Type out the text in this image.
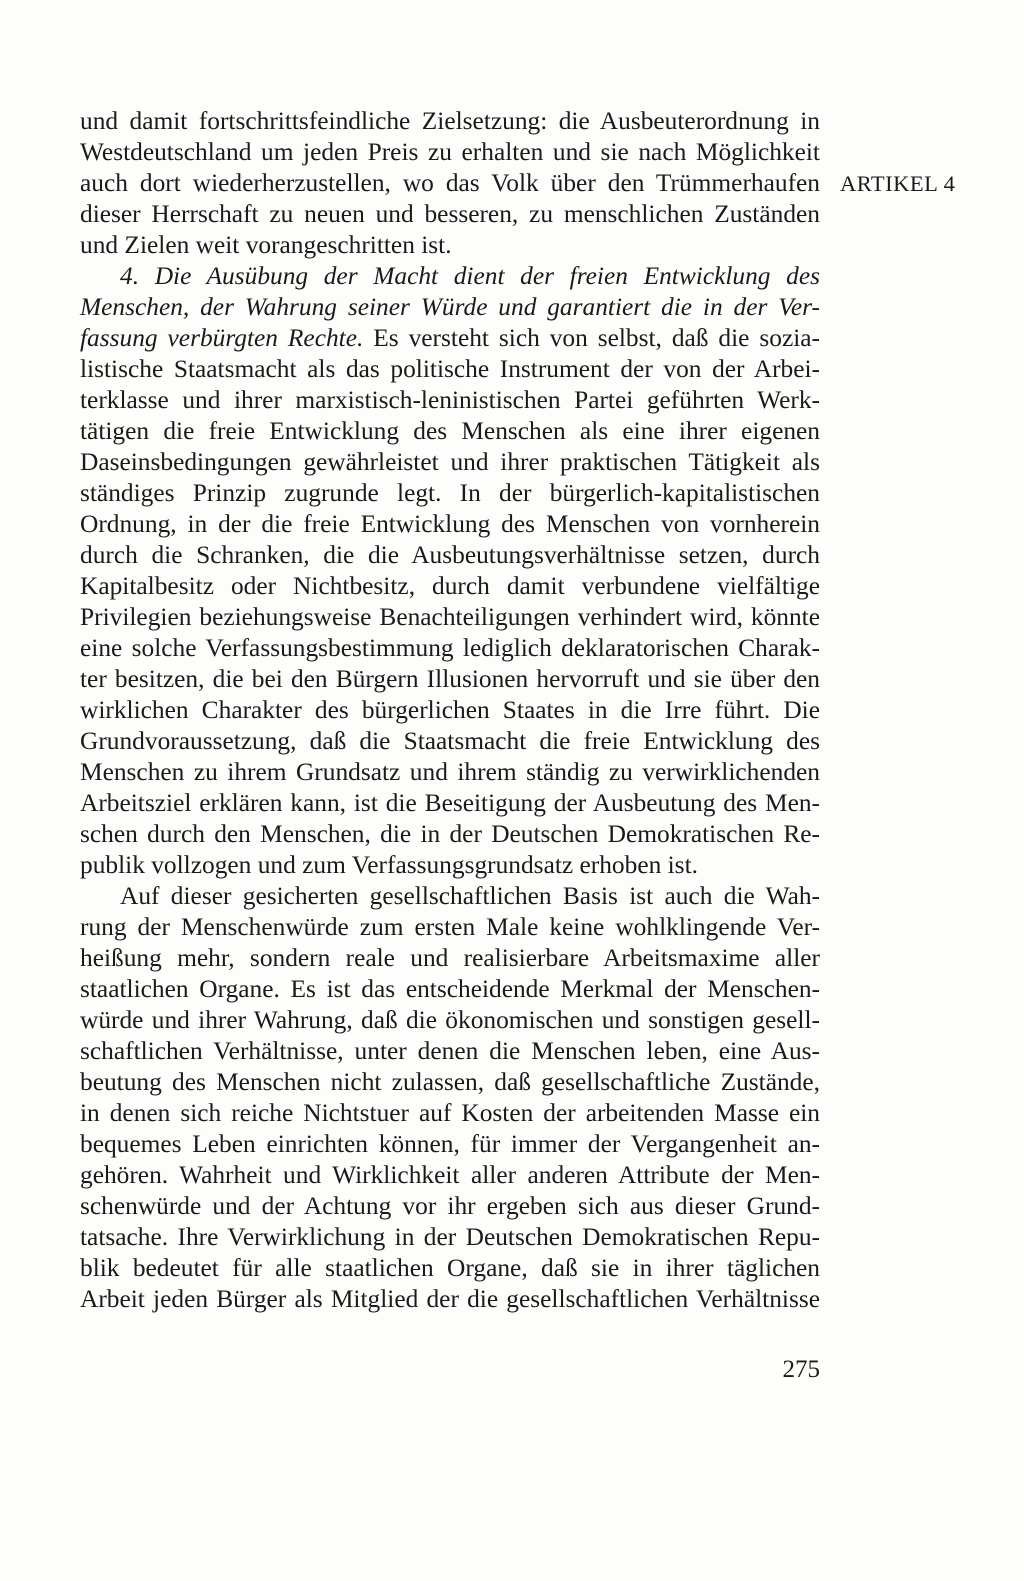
ARTIKEL 4
und damit fortschrittsfeindliche Zielsetzung: die Ausbeuterordnung in
Westdeutschland um jeden Preis zu erhalten und sie nach Möglichkeit
auch dort wiederherzustellen, wo das Volk über den Trümmerhaufen
dieser Herrschaft zu neuen und besseren, zu menschlichen Zuständen
und Zielen weit vorangeschritten ist.
4. Die Ausübung der Macht dient der freien Entwicklung des
Menschen, der Wahrung seiner Würde und garantiert die in der Ver-
fassung verbürgten Rechte. Es versteht sich von selbst, daß die sozia-
listische Staatsmacht als das politische Instrument der von der Arbei-
terklasse und ihrer marxistisch-leninistischen Partei geführten Werk-
tätigen die freie Entwicklung des Menschen als eine ihrer eigenen
Daseinsbedingungen gewährleistet und ihrer praktischen Tätigkeit als
ständiges Prinzip zugrunde legt. In der bürgerlich-kapitalistischen
Ordnung, in der die freie Entwicklung des Menschen von vornherein
durch die Schranken, die die Ausbeutungsverhältnisse setzen, durch
Kapitalbesitz oder Nichtbesitz, durch damit verbundene vielfältige
Privilegien beziehungsweise Benachteiligungen verhindert wird, könnte
eine solche Verfassungsbestimmung lediglich deklaratorischen Charak-
ter besitzen, die bei den Bürgern Illusionen hervorruft und sie über den
wirklichen Charakter des bürgerlichen Staates in die Irre führt. Die
Grundvoraussetzung, daß die Staatsmacht die freie Entwicklung des
Menschen zu ihrem Grundsatz und ihrem ständig zu verwirklichenden
Arbeitsziel erklären kann, ist die Beseitigung der Ausbeutung des Men-
schen durch den Menschen, die in der Deutschen Demokratischen Re-
publik vollzogen und zum Verfassungsgrundsatz erhoben ist.
Auf dieser gesicherten gesellschaftlichen Basis ist auch die Wah-
rung der Menschenwürde zum ersten Male keine wohlklingende Ver-
heißung mehr, sondern reale und realisierbare Arbeitsmaxime aller
staatlichen Organe. Es ist das entscheidende Merkmal der Menschen-
würde und ihrer Wahrung, daß die ökonomischen und sonstigen gesell-
schaftlichen Verhältnisse, unter denen die Menschen leben, eine Aus-
beutung des Menschen nicht zulassen, daß gesellschaftliche Zustände,
in denen sich reiche Nichtstuer auf Kosten der arbeitenden Masse ein
bequemes Leben einrichten können, für immer der Vergangenheit an-
gehören. Wahrheit und Wirklichkeit aller anderen Attribute der Men-
schenwürde und der Achtung vor ihr ergeben sich aus dieser Grund-
tatsache. Ihre Verwirklichung in der Deutschen Demokratischen Repu-
blik bedeutet für alle staatlichen Organe, daß sie in ihrer täglichen
Arbeit jeden Bürger als Mitglied der die gesellschaftlichen Verhältnisse
275
